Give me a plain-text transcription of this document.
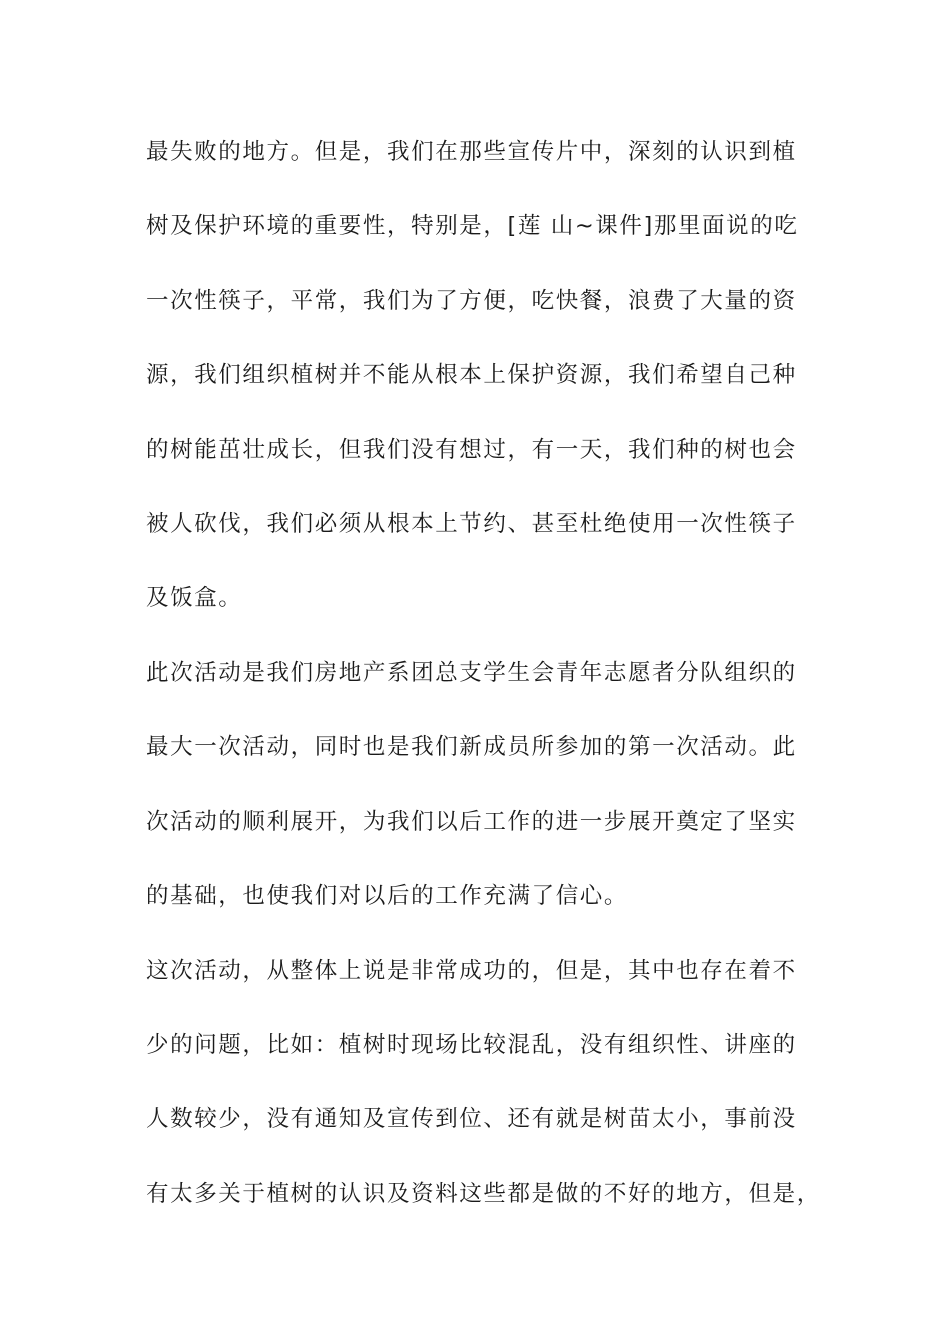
最失败的地方。但是，我们在那些宣传片中，深刻的认识到植
树及保护环境的重要性，特别是，[莲 山~课件]那里面说的吃
一次性筷子，平常，我们为了方便，吃快餐，浪费了大量的资
源，我们组织植树并不能从根本上保护资源，我们希望自己种
的树能茁壮成长，但我们没有想过，有一天，我们种的树也会
被人砍伐，我们必须从根本上节约、甚至杜绝使用一次性筷子
及饭盒。
此次活动是我们房地产系团总支学生会青年志愿者分队组织的
最大一次活动，同时也是我们新成员所参加的第一次活动。此
次活动的顺利展开，为我们以后工作的进一步展开奠定了坚实
的基础，也使我们对以后的工作充满了信心。
这次活动，从整体上说是非常成功的，但是，其中也存在着不
少的问题，比如：植树时现场比较混乱，没有组织性、讲座的
人数较少，没有通知及宣传到位、还有就是树苗太小，事前没
有太多关于植树的认识及资料这些都是做的不好的地方，但是，
